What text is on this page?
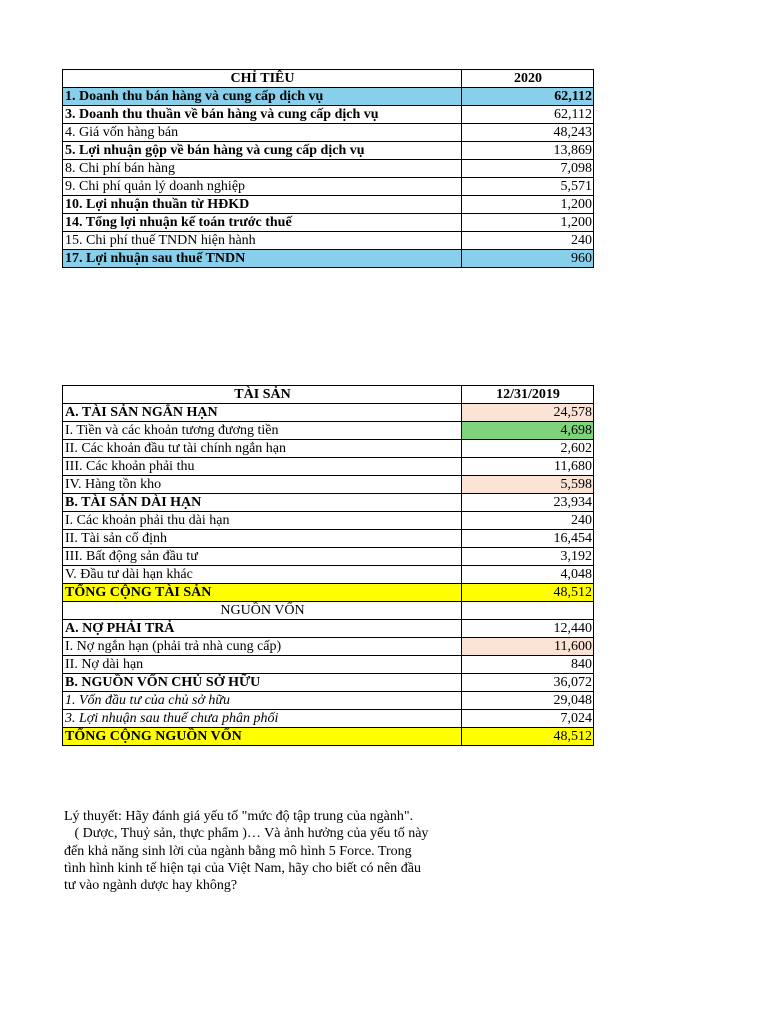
CHỈ TIÊU	2020
1. Doanh thu bán hàng và cung cấp dịch vụ	62,112
3. Doanh thu thuần về bán hàng và cung cấp dịch vụ	62,112
4. Giá vốn hàng bán	48,243
5. Lợi nhuận gộp về bán hàng và cung cấp dịch vụ	13,869
8. Chi phí bán hàng	7,098
9. Chi phí quản lý doanh nghiệp	5,571
10. Lợi nhuận thuần từ HĐKD	1,200
14. Tổng lợi nhuận kế toán trước thuế	1,200
15. Chi phí thuế TNDN hiện hành	240
17. Lợi nhuận sau thuế TNDN	960
TÀI SẢN	12/31/2019
A. TÀI SẢN NGẮN HẠN	24,578
I. Tiền và các khoản tương đương tiền	4,698
II. Các khoản đầu tư tài chính ngắn hạn	2,602
III. Các khoản phải thu	11,680
IV. Hàng tồn kho	5,598
B. TÀI SẢN DÀI HẠN	23,934
I. Các khoản phải thu dài hạn	240
II. Tài sản cố định	16,454
III. Bất động sản đầu tư	3,192
V. Đầu tư dài hạn khác	4,048
TỔNG CỘNG TÀI SẢN	48,512
NGUỒN VỐN	
A. NỢ PHẢI TRẢ	12,440
I. Nợ ngắn hạn (phải trả nhà cung cấp)	11,600
II. Nợ dài hạn	840
B. NGUỒN VỐN CHỦ SỞ HỮU	36,072
1. Vốn đầu tư của chủ sở hữu	29,048
3. Lợi nhuận sau thuế chưa phân phối	7,024
TỔNG CỘNG NGUỒN VỐN	48,512
Lý thuyết: Hãy đánh giá yếu tố "mức độ tập trung của ngành".
( Dược, Thuỷ sản, thực phẩm )… Và ảnh hưởng của yếu tố này
đến khả năng sinh lời của ngành bằng mô hình 5 Force. Trong
tình hình kinh tế hiện tại của Việt Nam, hãy cho biết có nên đầu
tư vào ngành dược hay không?
